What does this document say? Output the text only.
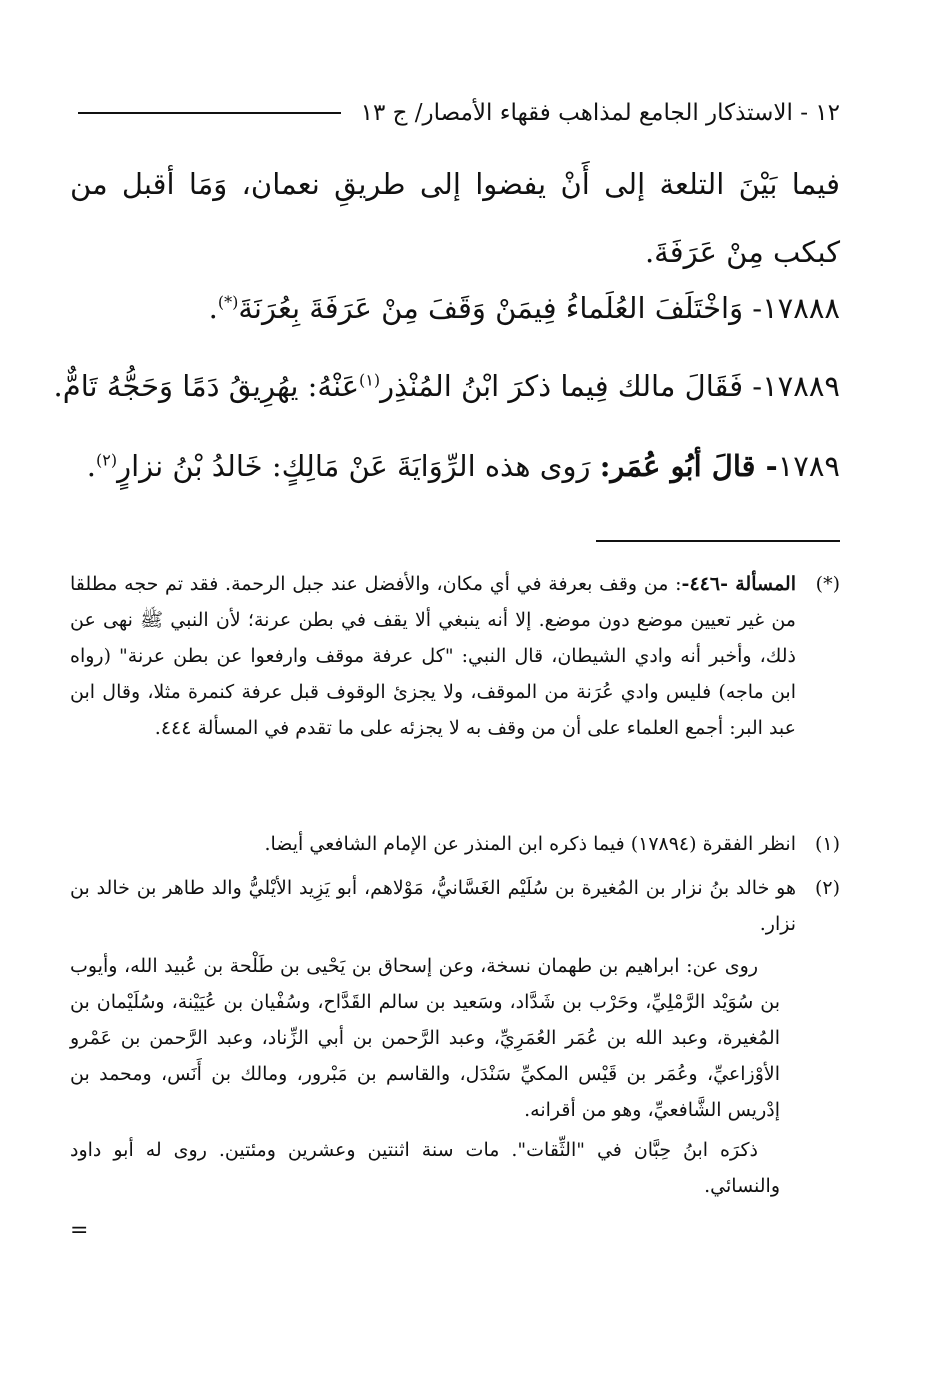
١٢ - الاستذكار الجامع لمذاهب فقهاء الأمصار/ ج ١٣
فيما بَيْنَ التلعة إلى أَنْ يفضوا إلى طريقِ نعمان، وَمَا أقبل من كبكب مِنْ عَرَفَةَ.
١٧٨٨٨- وَاخْتَلَفَ العُلَماءُ فِيمَنْ وَقَفَ مِنْ عَرَفَةَ بِعُرَنَةَ(*).
١٧٨٨٩- فَقَالَ مالك فِيما ذكرَ ابْنُ المُنْذِر$^{(١)}$عَنْهُ: يهُرِيقُ دَمًا وَحَجُّهُ تَامٌّ.
١٧٨٩- قالَ أبُو عُمَر: رَوى هذه الرِّوَايَةَ عَنْ مَالِكٍ: خَالدُ بْنُ نزارٍ$^{(٢)}$.
(*)
المسألة -٤٤٦-: من وقف بعرفة في أي مكان، والأفضل عند جبل الرحمة. فقد تم حجه مطلقا من غير تعيين موضع دون موضع. إلا أنه ينبغي ألا يقف في بطن عرنة؛ لأن النبي ﷺ نهى عن ذلك، وأخبر أنه وادي الشيطان، قال النبي: "كل عرفة موقف وارفعوا عن بطن عرنة" (رواه ابن ماجه) فليس وادي عُرَنة من الموقف، ولا يجزئ الوقوف قبل عرفة كنمرة مثلا، وقال ابن عبد البر: أجمع العلماء على أن من وقف به لا يجزئه على ما تقدم في المسألة ٤٤٤.
(١)
انظر الفقرة (١٧٨٩٤) فيما ذكره ابن المنذر عن الإمام الشافعي أيضا.
(٢)
هو خالد بنُ نزار بن المُغيرة بن سُلَيْم الغَسَّانيُّ، مَوْلاهم، أبو يَزِيد الأيْليُّ والد طاهر بن خالد بن نزار.
روى عن: ابراهيم بن طهمان نسخة، وعن إسحاق بن يَحْيى بن طَلْحة بن عُبيد الله، وأيوب بن سُوَيْد الرَّمْلِيِّ، وحَرْب بن شَدَّاد، وسَعيد بن سالم القَدَّاح، وسُفْيان بن عُيَيْنة، وسُلَيْمان بن المُغيرة، وعبد الله بن عُمَر العُمَرِيِّ، وعبد الرَّحمن بن أبي الزِّناد، وعبد الرَّحمن بن عَمْرو الأوْزاعيِّ، وعُمَر بن قَيْس المكيِّ سَنْدَل، والقاسم بن مَبْرور، ومالك بن أَنَس، ومحمد بن إدْريس الشَّافعيِّ، وهو من أقرانه.
ذكرَه ابنُ حِبَّان في "الثِّقات". مات سنة اثنتين وعشرين ومئتين. روى له أبو داود والنسائي.
=
